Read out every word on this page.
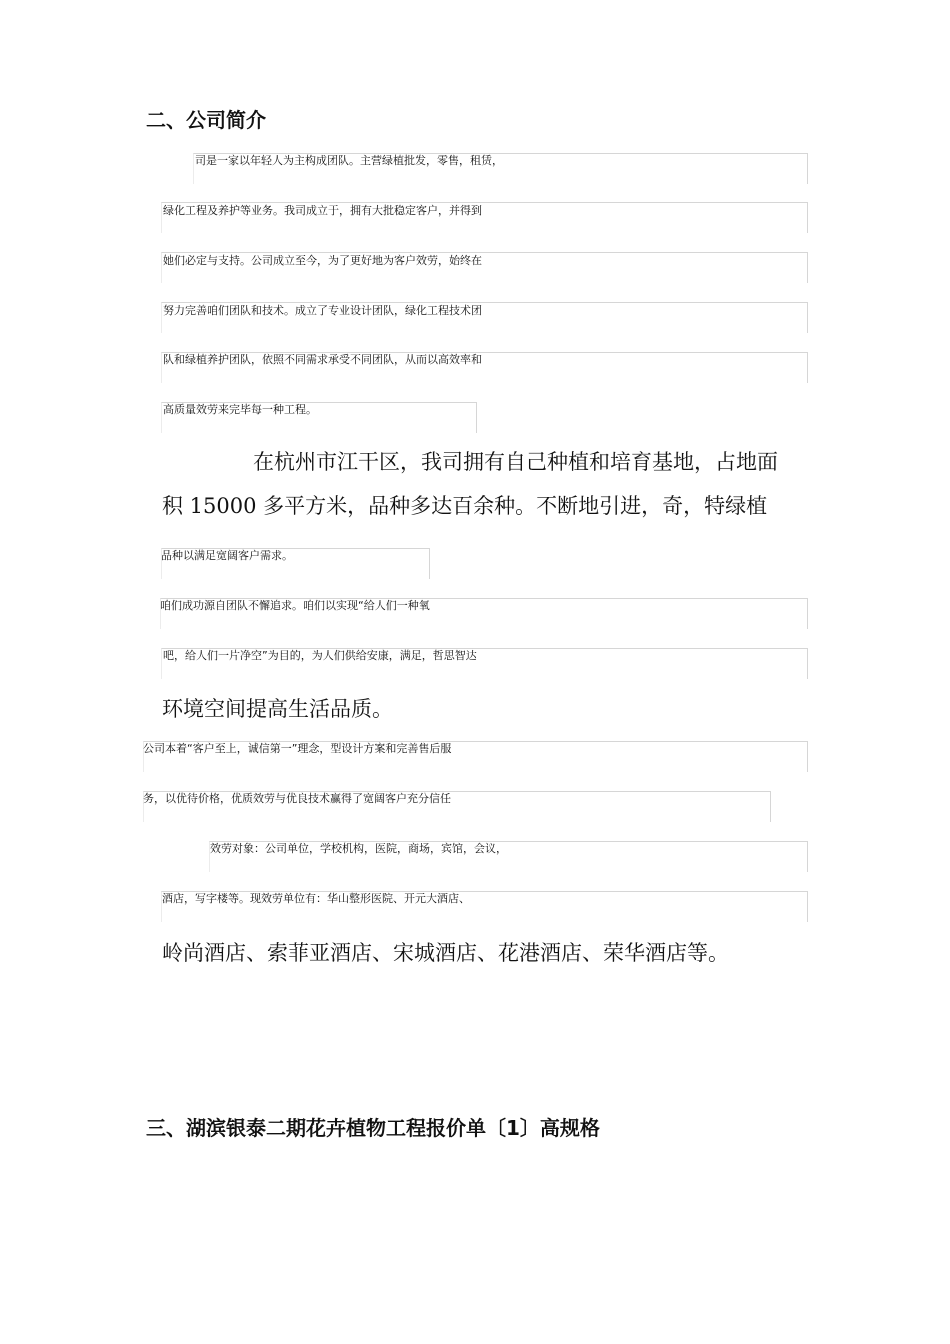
二、公司简介
司是一家以年轻人为主构成团队。主营绿植批发，零售，租赁，
绿化工程及养护等业务。我司成立于，拥有大批稳定客户，并得到
她们必定与支持。公司成立至今，为了更好地为客户效劳，始终在
努力完善咱们团队和技术。成立了专业设计团队，绿化工程技术团
队和绿植养护团队，依照不同需求承受不同团队，从而以高效率和
高质量效劳来完毕每一种工程。
在杭州市江干区，我司拥有自己种植和培育基地，占地面
积 15000 多平方米，品种多达百余种。不断地引进，奇，特绿植
品种以满足宽阔客户需求。
咱们成功源自团队不懈追求。咱们以实现“给人们一种氧
吧，给人们一片净空”为目的，为人们供给安康，满足，哲思智达
环境空间提高生活品质。
公司本着“客户至上，诚信第一”理念，型设计方案和完善售后服
务，以优待价格，优质效劳与优良技术赢得了宽阔客户充分信任
效劳对象：公司单位，学校机构，医院，商场，宾馆，会议，
酒店，写字楼等。现效劳单位有：华山整形医院、开元大酒店、
岭尚酒店、索菲亚酒店、宋城酒店、花港酒店、荣华酒店等。
三、湖滨银泰二期花卉植物工程报价单〔1〕高规格
